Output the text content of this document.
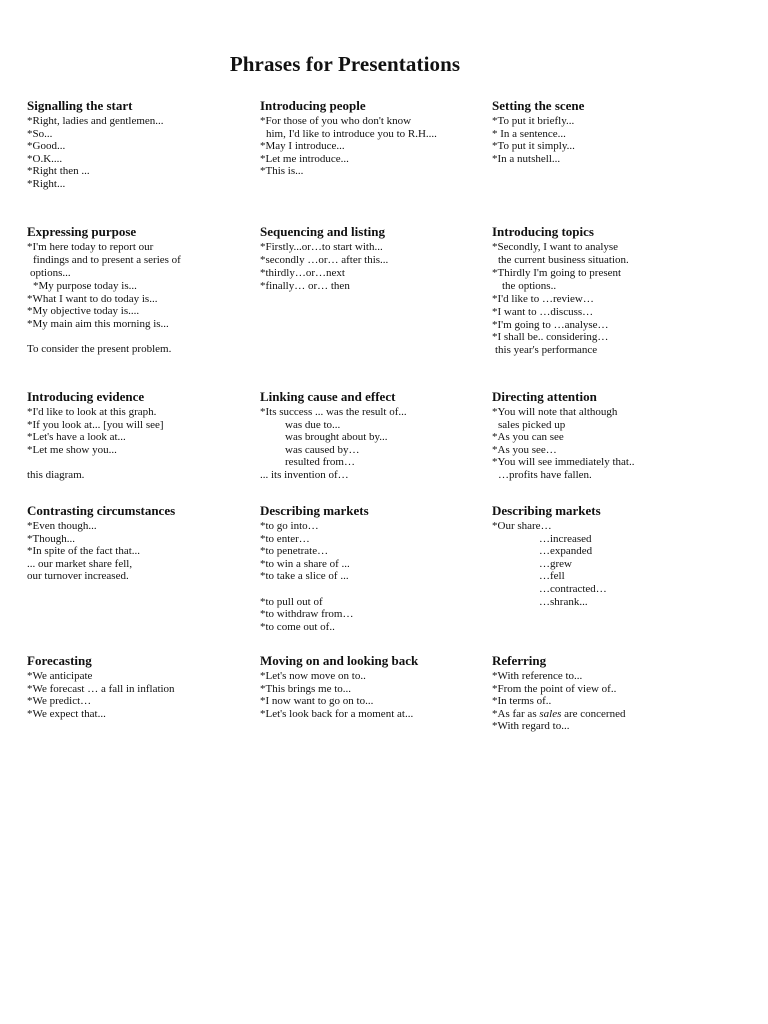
Phrases for Presentations
Signalling the start
*Right, ladies and gentlemen...
*So...
*Good...
*O.K....
*Right then ...
*Right...
Introducing people
*For those of you who don't know
him, I'd like to introduce you to R.H....
*May I introduce...
*Let me introduce...
*This is...
Setting the scene
*To put it briefly...
* In a sentence...
*To put it simply...
*In a nutshell...
Expressing purpose
*I'm here today to report our
findings and to present a series of
options...
*My purpose today is...
*What I want to do today is...
*My objective today is....
*My main aim this morning is...
To consider the present problem.
Sequencing and listing
*Firstly...or…to start with...
*secondly …or… after this...
*thirdly…or…next
*finally… or… then
Introducing topics
*Secondly, I want to analyse
the current business situation.
*Thirdly I'm going to present
the options..
*I'd like to …review…
*I want to …discuss…
*I'm going to …analyse…
*I shall be.. considering…
this year's performance
Introducing evidence
*I'd like to look at this graph.
*If you look at... [you will see]
*Let's have a look at...
*Let me show you...
this diagram.
Linking cause and effect
*Its success ... was the result of...
was due to...
was brought about by...
was caused by…
resulted from…
... its invention of…
Directing attention
*You will note that although
sales picked up
*As you can see
*As you see…
*You will see immediately that..
…profits have fallen.
Contrasting circumstances
*Even though...
*Though...
*In spite of the fact that...
... our market share fell,
our turnover increased.
Describing markets
*to go into…
*to enter…
*to penetrate…
*to win a share of ...
*to take a slice of ...
*to pull out of
*to withdraw from…
*to come out of..
Describing markets
*Our share…
…increased
…expanded
…grew
…fell
…contracted…
…shrank...
Forecasting
*We anticipate
*We forecast … a fall in inflation
*We predict…
*We expect that...
Moving on and looking back
*Let's now move on to..
*This brings me to...
*I now want to go on to...
*Let's look back for a moment at...
Referring
*With reference to...
*From the point of view of..
*In terms of..
*As far as sales are concerned
*With regard to...
